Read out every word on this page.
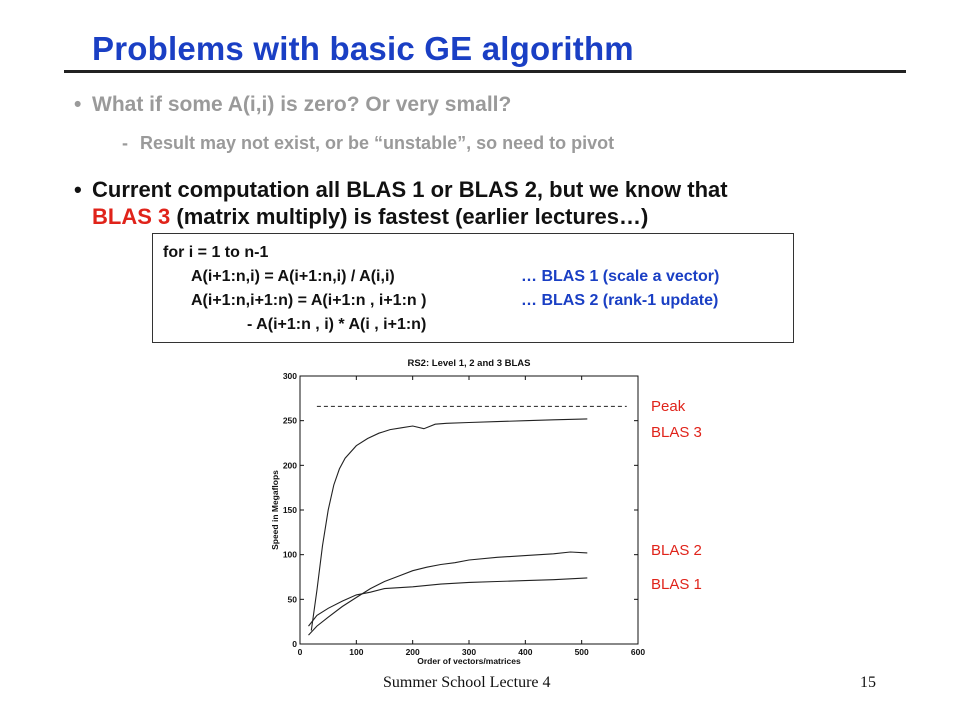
Problems with basic GE algorithm
• What if some A(i,i) is zero? Or very small?
- Result may not exist, or be “unstable”, so need to pivot
• Current computation all BLAS 1 or BLAS 2, but we know that
BLAS 3 (matrix multiply) is fastest (earlier lectures…)
for i = 1 to n-1
A(i+1:n,i) = A(i+1:n,i) / A(i,i)	… BLAS 1 (scale a vector)
A(i+1:n,i+1:n) = A(i+1:n , i+1:n )	… BLAS 2 (rank-1 update)
- A(i+1:n , i) * A(i , i+1:n)
RS2: Level 1, 2 and 3 BLAS
0	100	200	300	400	500	600
0
50
100
150
200
250
300
Order of vectors/matrices
Speed in Megaflops
Peak
BLAS 3
BLAS 2
BLAS 1
Summer School Lecture 4	15
